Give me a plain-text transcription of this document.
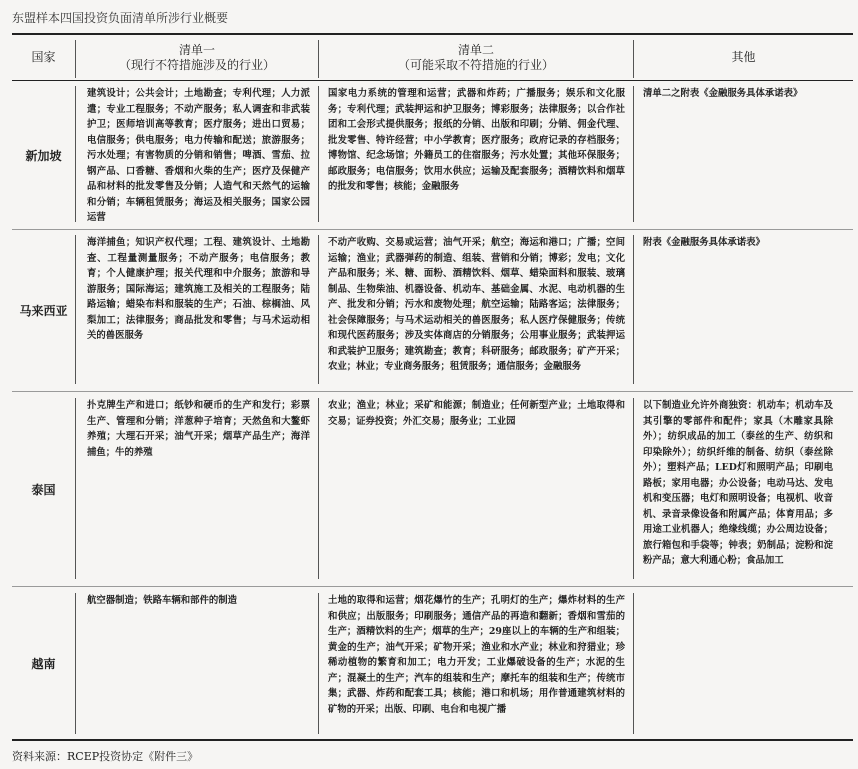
东盟样本四国投资负面清单所涉行业概要
国家
清单一
（现行不符措施涉及的行业）
清单二
（可能采取不符措施的行业）
其他
新加坡
建筑设计；公共会计；土地勘查；专利代理；人力派遣；专业工程服务；不动产服务；私人调查和非武装护卫；医师培训高等教育；医疗服务；进出口贸易；电信服务；供电服务；电力传输和配送；旅游服务；污水处理；有害物质的分销和销售；啤酒、雪茄、拉钢产品、口香糖、香烟和火柴的生产；医疗及保健产品和材料的批发零售及分销；人造气和天然气的运输和分销；车辆租赁服务；海运及相关服务；国家公园运营
国家电力系统的管理和运营；武器和炸药；广播服务；娱乐和文化服务；专利代理；武装押运和护卫服务；博彩服务；法律服务；以合作社团和工会形式提供服务；报纸的分销、出版和印刷；分销、佣金代理、批发零售、特许经营；中小学教育；医疗服务；政府记录的存档服务；博物馆、纪念场馆；外籍员工的住宿服务；污水处置；其他环保服务；邮政服务；电信服务；饮用水供应；运输及配套服务；酒精饮料和烟草的批发和零售；核能；金融服务
清单二之附表《金融服务具体承诺表》
马来西亚
海洋捕鱼；知识产权代理；工程、建筑设计、土地勘查、工程量测量服务；不动产服务；电信服务；教育；个人健康护理；报关代理和中介服务；旅游和导游服务；国际海运；建筑施工及相关的工程服务；陆路运输；蜡染布料和服装的生产；石油、棕榈油、风梨加工；法律服务；商品批发和零售；与马术运动相关的兽医服务
不动产收购、交易或运营；油气开采；航空；海运和港口；广播；空间运输；渔业；武器弹药的制造、组装、营销和分销；博彩；发电；文化产品和服务；米、糖、面粉、酒精饮料、烟草、蜡染面料和服装、玻璃制品、生物柴油、机器设备、机动车、基础金属、水泥、电动机器的生产、批发和分销；污水和废物处理；航空运输；陆路客运；法律服务；社会保障服务；与马术运动相关的兽医服务；私人医疗保健服务；传统和现代医药服务；涉及实体商店的分销服务；公用事业服务；武装押运和武装护卫服务；建筑勘查；教育；科研服务；邮政服务；矿产开采；农业；林业；专业商务服务；租赁服务；通信服务；金融服务
附表《金融服务具体承诺表》
泰国
扑克牌生产和进口；纸钞和硬币的生产和发行；彩票生产、管理和分销；洋葱种子培育；天然鱼和大鳌虾养殖；大理石开采；油气开采；烟草产品生产；海洋捕鱼；牛的养殖
农业；渔业；林业；采矿和能源；制造业；任何新型产业；土地取得和交易；证券投资；外汇交易；服务业；工业园
以下制造业允许外商独资：机动车；机动车及其引擎的零部件和配件；家具（木雕家具除外）；纺织成品的加工（泰丝的生产、纺织和印染除外）；纺织纤维的制备、纺织（泰丝除外）；塑料产品；LED灯和照明产品；印刷电路板；家用电器；办公设备；电动马达、发电机和变压器；电灯和照明设备；电视机、收音机、录音录像设备和附属产品；体育用品；多用途工业机器人；绝缘线缆；办公周边设备；旅行箱包和手袋等；钟表；奶制品；淀粉和淀粉产品；意大利通心粉；食品加工
越南
航空器制造；铁路车辆和部件的制造	土地的取得和运营；烟花爆竹的生产；孔明灯的生产；爆炸材料的生产和供应；出版服务；印刷服务；通信产品的再造和翻新；香烟和雪茄的生产；酒精饮料的生产；烟草的生产；29座以上的车辆的生产和组装；黄金的生产；油气开采；矿物开采；渔业和水产业；林业和狩猎业；珍稀动植物的繁育和加工；电力开发；工业爆破设备的生产；水泥的生产；混凝土的生产；汽车的组装和生产；摩托车的组装和生产；传统市集；武器、炸药和配套工具；核能；港口和机场；用作普通建筑材料的矿物的开采；出版、印刷、电台和电视广播
资料来源：RCEP投资协定《附件三》
